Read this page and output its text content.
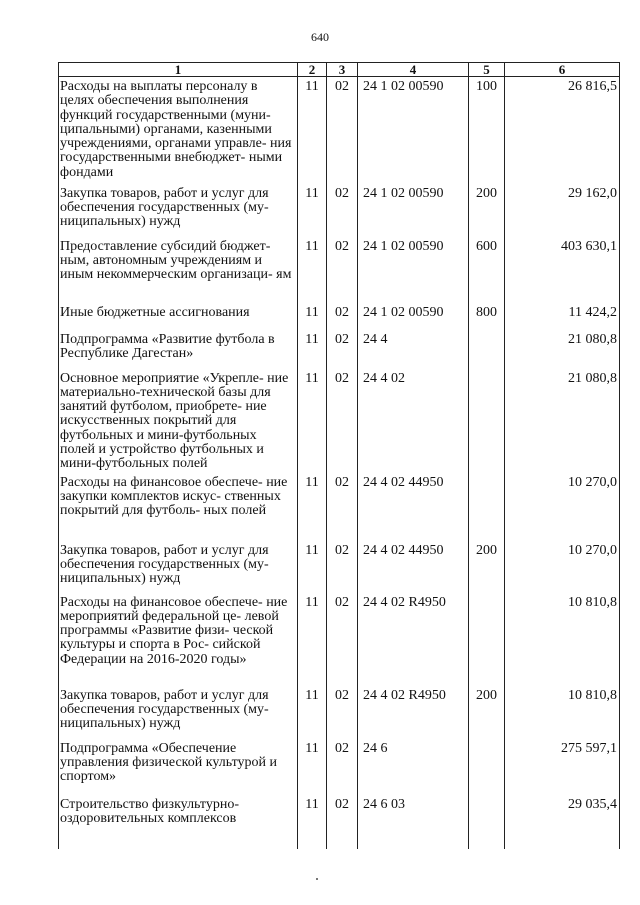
640
1	2	3	4	5	6
Расходы на выплаты персоналу в целях обеспечения выполнения функций государственными (муни- ципальными) органами, казенными учреждениями, органами управле- ния государственными внебюджет- ными фондами	11	02	24 1 02 00590	100	26 816,5
Закупка товаров, работ и услуг для обеспечения государственных (му- ниципальных) нужд	11	02	24 1 02 00590	200	29 162,0
Предоставление субсидий бюджет- ным, автономным учреждениям и иным некоммерческим организаци- ям	11	02	24 1 02 00590	600	403 630,1
Иные бюджетные ассигнования	11	02	24 1 02 00590	800	11 424,2
Подпрограмма «Развитие футбола в Республике Дагестан»	11	02	24 4		21 080,8
Основное мероприятие «Укрепле- ние материально-технической базы для занятий футболом, приобрете- ние искусственных покрытий для футбольных и мини-футбольных полей и устройство футбольных и мини-футбольных полей	11	02	24 4 02		21 080,8
Расходы на финансовое обеспече- ние закупки комплектов искус- ственных покрытий для футболь- ных полей	11	02	24 4 02 44950		10 270,0
Закупка товаров, работ и услуг для обеспечения государственных (му- ниципальных) нужд	11	02	24 4 02 44950	200	10 270,0
Расходы на финансовое обеспече- ние мероприятий федеральной це- левой программы «Развитие физи- ческой культуры и спорта в Рос- сийской Федерации на 2016-2020 годы»	11	02	24 4 02 R4950		10 810,8
Закупка товаров, работ и услуг для обеспечения государственных (му- ниципальных) нужд	11	02	24 4 02 R4950	200	10 810,8
Подпрограмма «Обеспечение управления физической культурой и спортом»	11	02	24 6		275 597,1
Строительство физкультурно- оздоровительных комплексов	11	02	24 6 03		29 035,4
